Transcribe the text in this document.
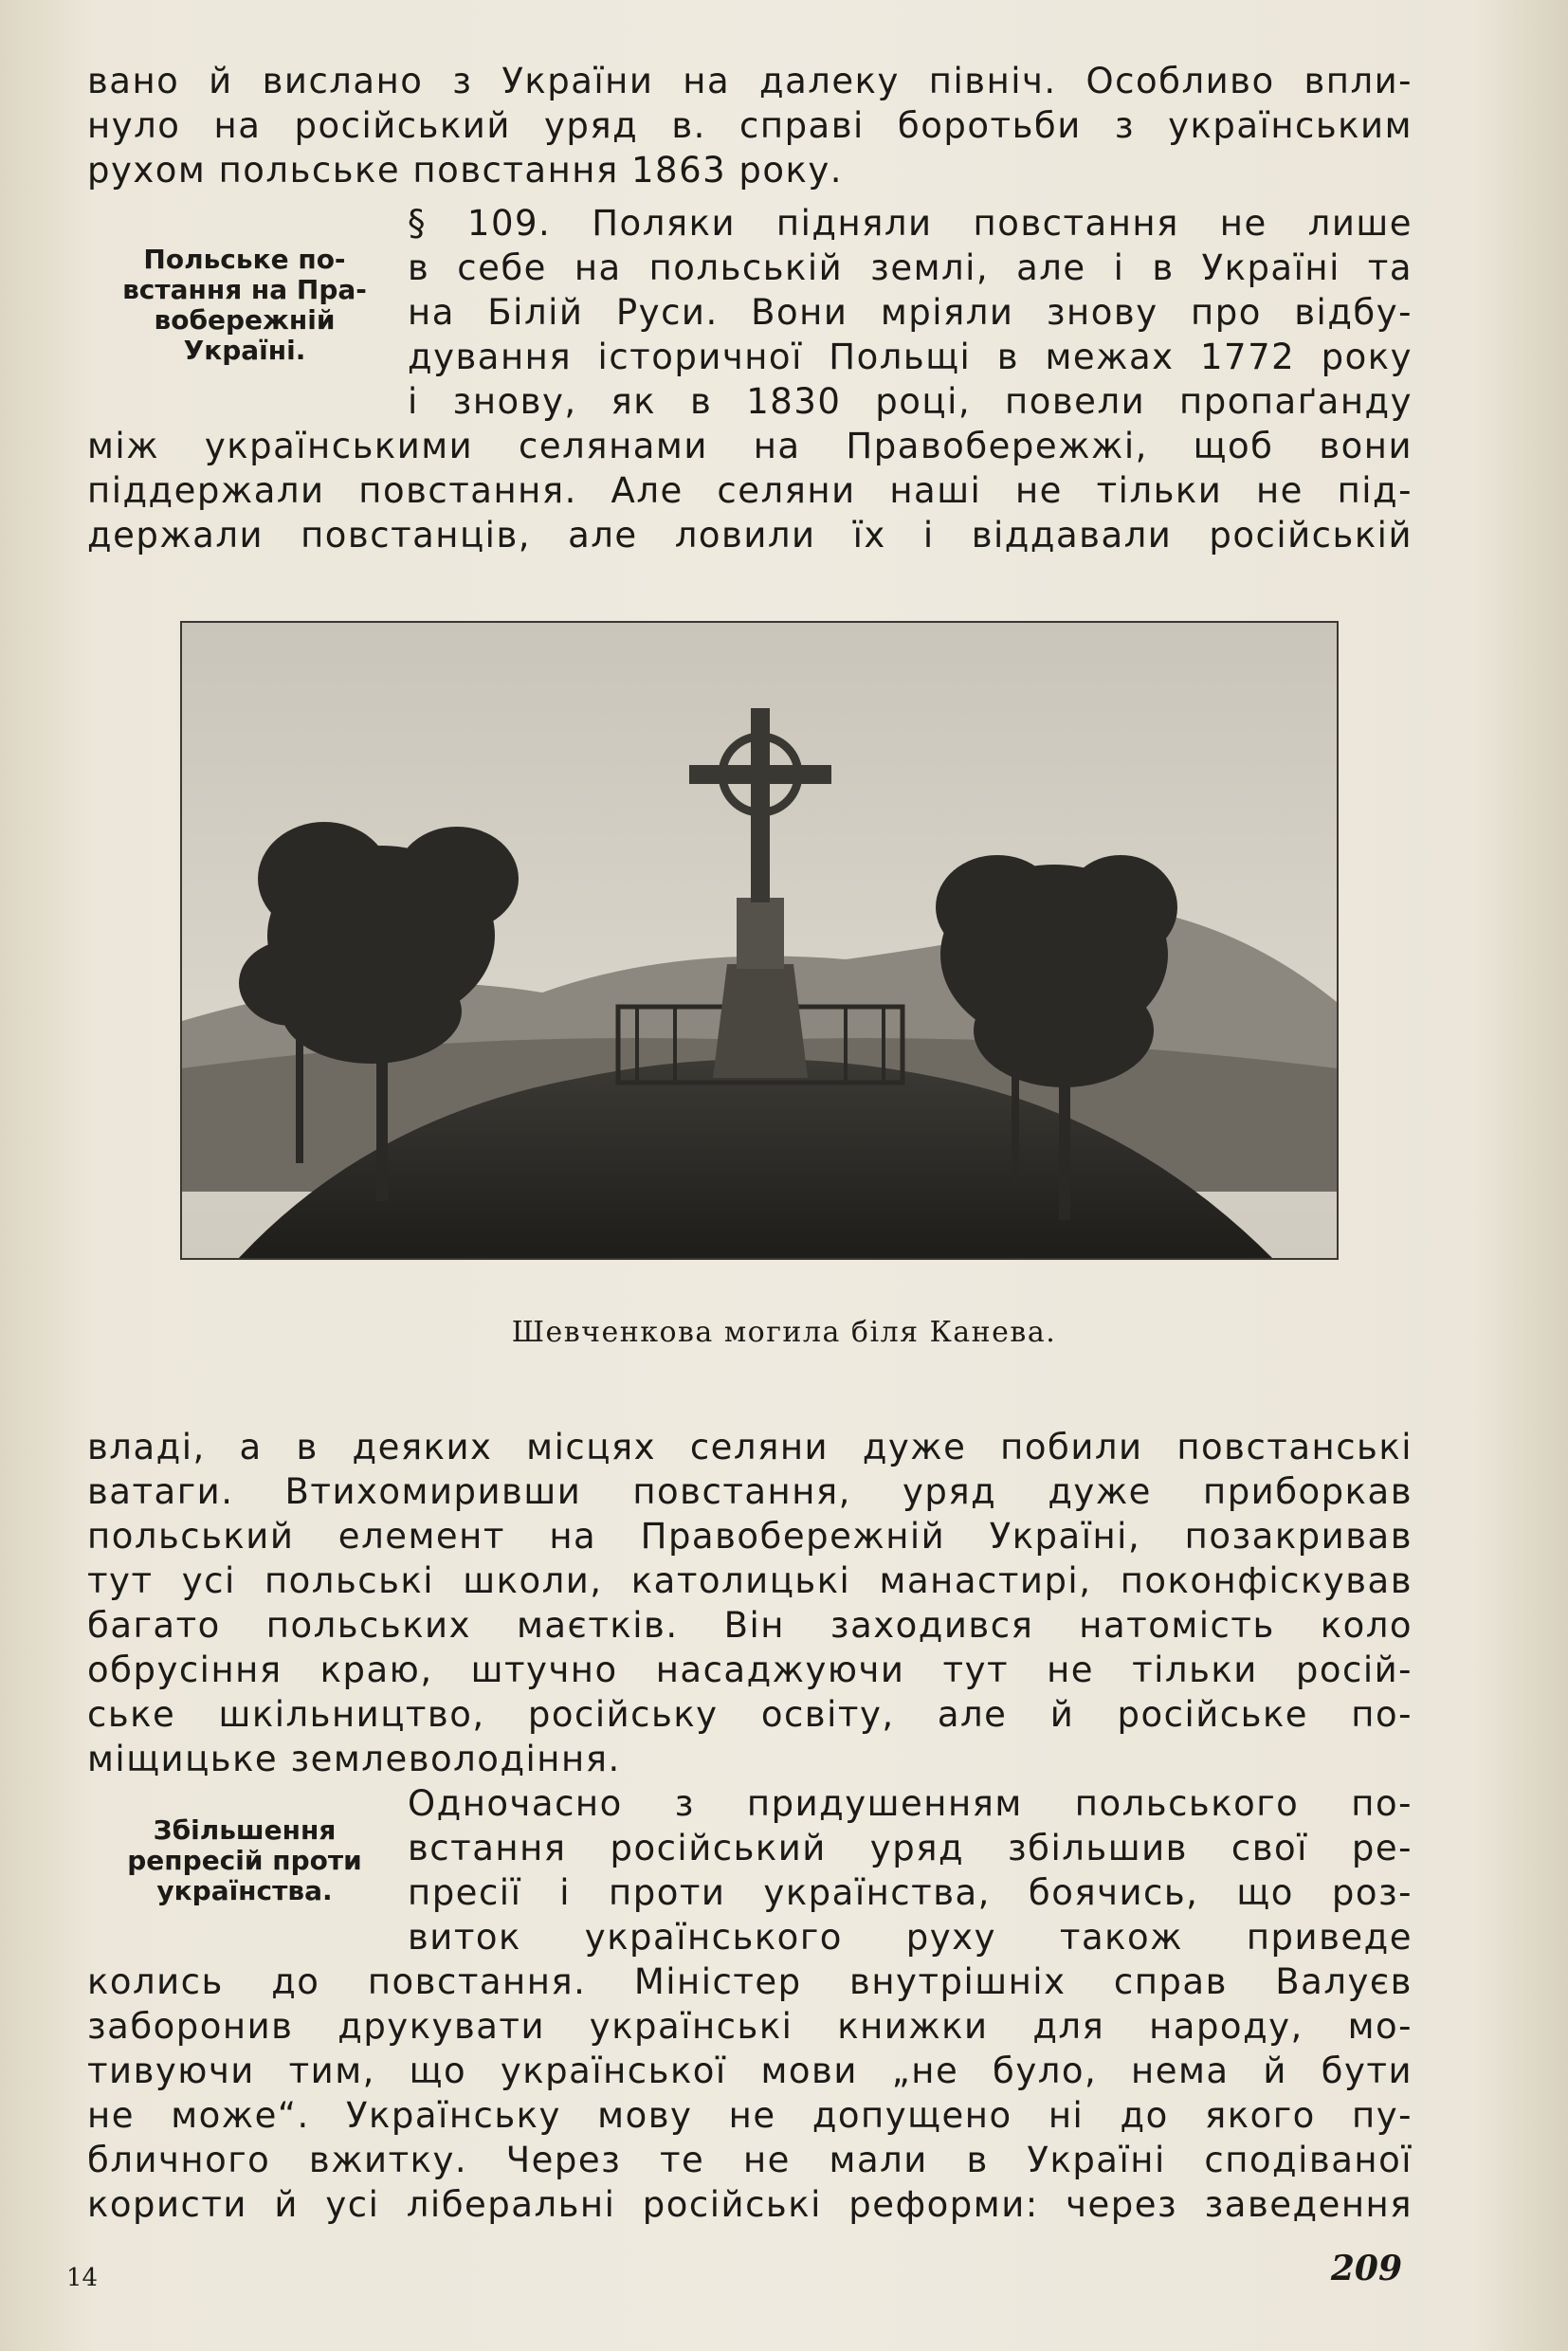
вано й вислано з України на далеку північ. Особливо впли-
нуло на російський уряд в. справі боротьби з українським
рухом польське повстання 1863 року.
Польське по-
встання на Пра-
вобережній
Україні.
§ 109. Поляки підняли повстання не лише
в себе на польській землі, але і в Україні та
на Білій Руси. Вони мріяли знову про відбу-
дування історичної Польщі в межах 1772 року
і знову, як в 1830 році, повели пропаґанду
між українськими селянами на Правобережжі, щоб вони
піддержали повстання. Але селяни наші не тільки не під-
держали повстанців, але ловили їх і віддавали російській
Шевченкова могила біля Канева.
владі, а в деяких місцях селяни дуже побили повстанські
ватаги. Втихомиривши повстання, уряд дуже приборкав
польський елемент на Правобережній Україні, позакривав
тут усі польські школи, католицькі манастирі, поконфіскував
багато польських маєтків. Він заходився натомість коло
обрусіння краю, штучно насаджуючи тут не тільки росій-
ське шкільництво, російську освіту, але й російське по-
міщицьке землеволодіння.
Збільшення
репресій проти
українства.
Одночасно з придушенням польського по-
встання російський уряд збільшив свої ре-
пресії і проти українства, боячись, що роз-
виток українського руху також приведе
колись до повстання. Міністер внутрішніх справ Валуєв
заборонив друкувати українські книжки для народу, мо-
тивуючи тим, що української мови „не було, нема й бути
не може“. Українську мову не допущено ні до якого пу-
бличного вжитку. Через те не мали в Україні сподіваної
користи й усі ліберальні російські реформи: через заведення
14	209
